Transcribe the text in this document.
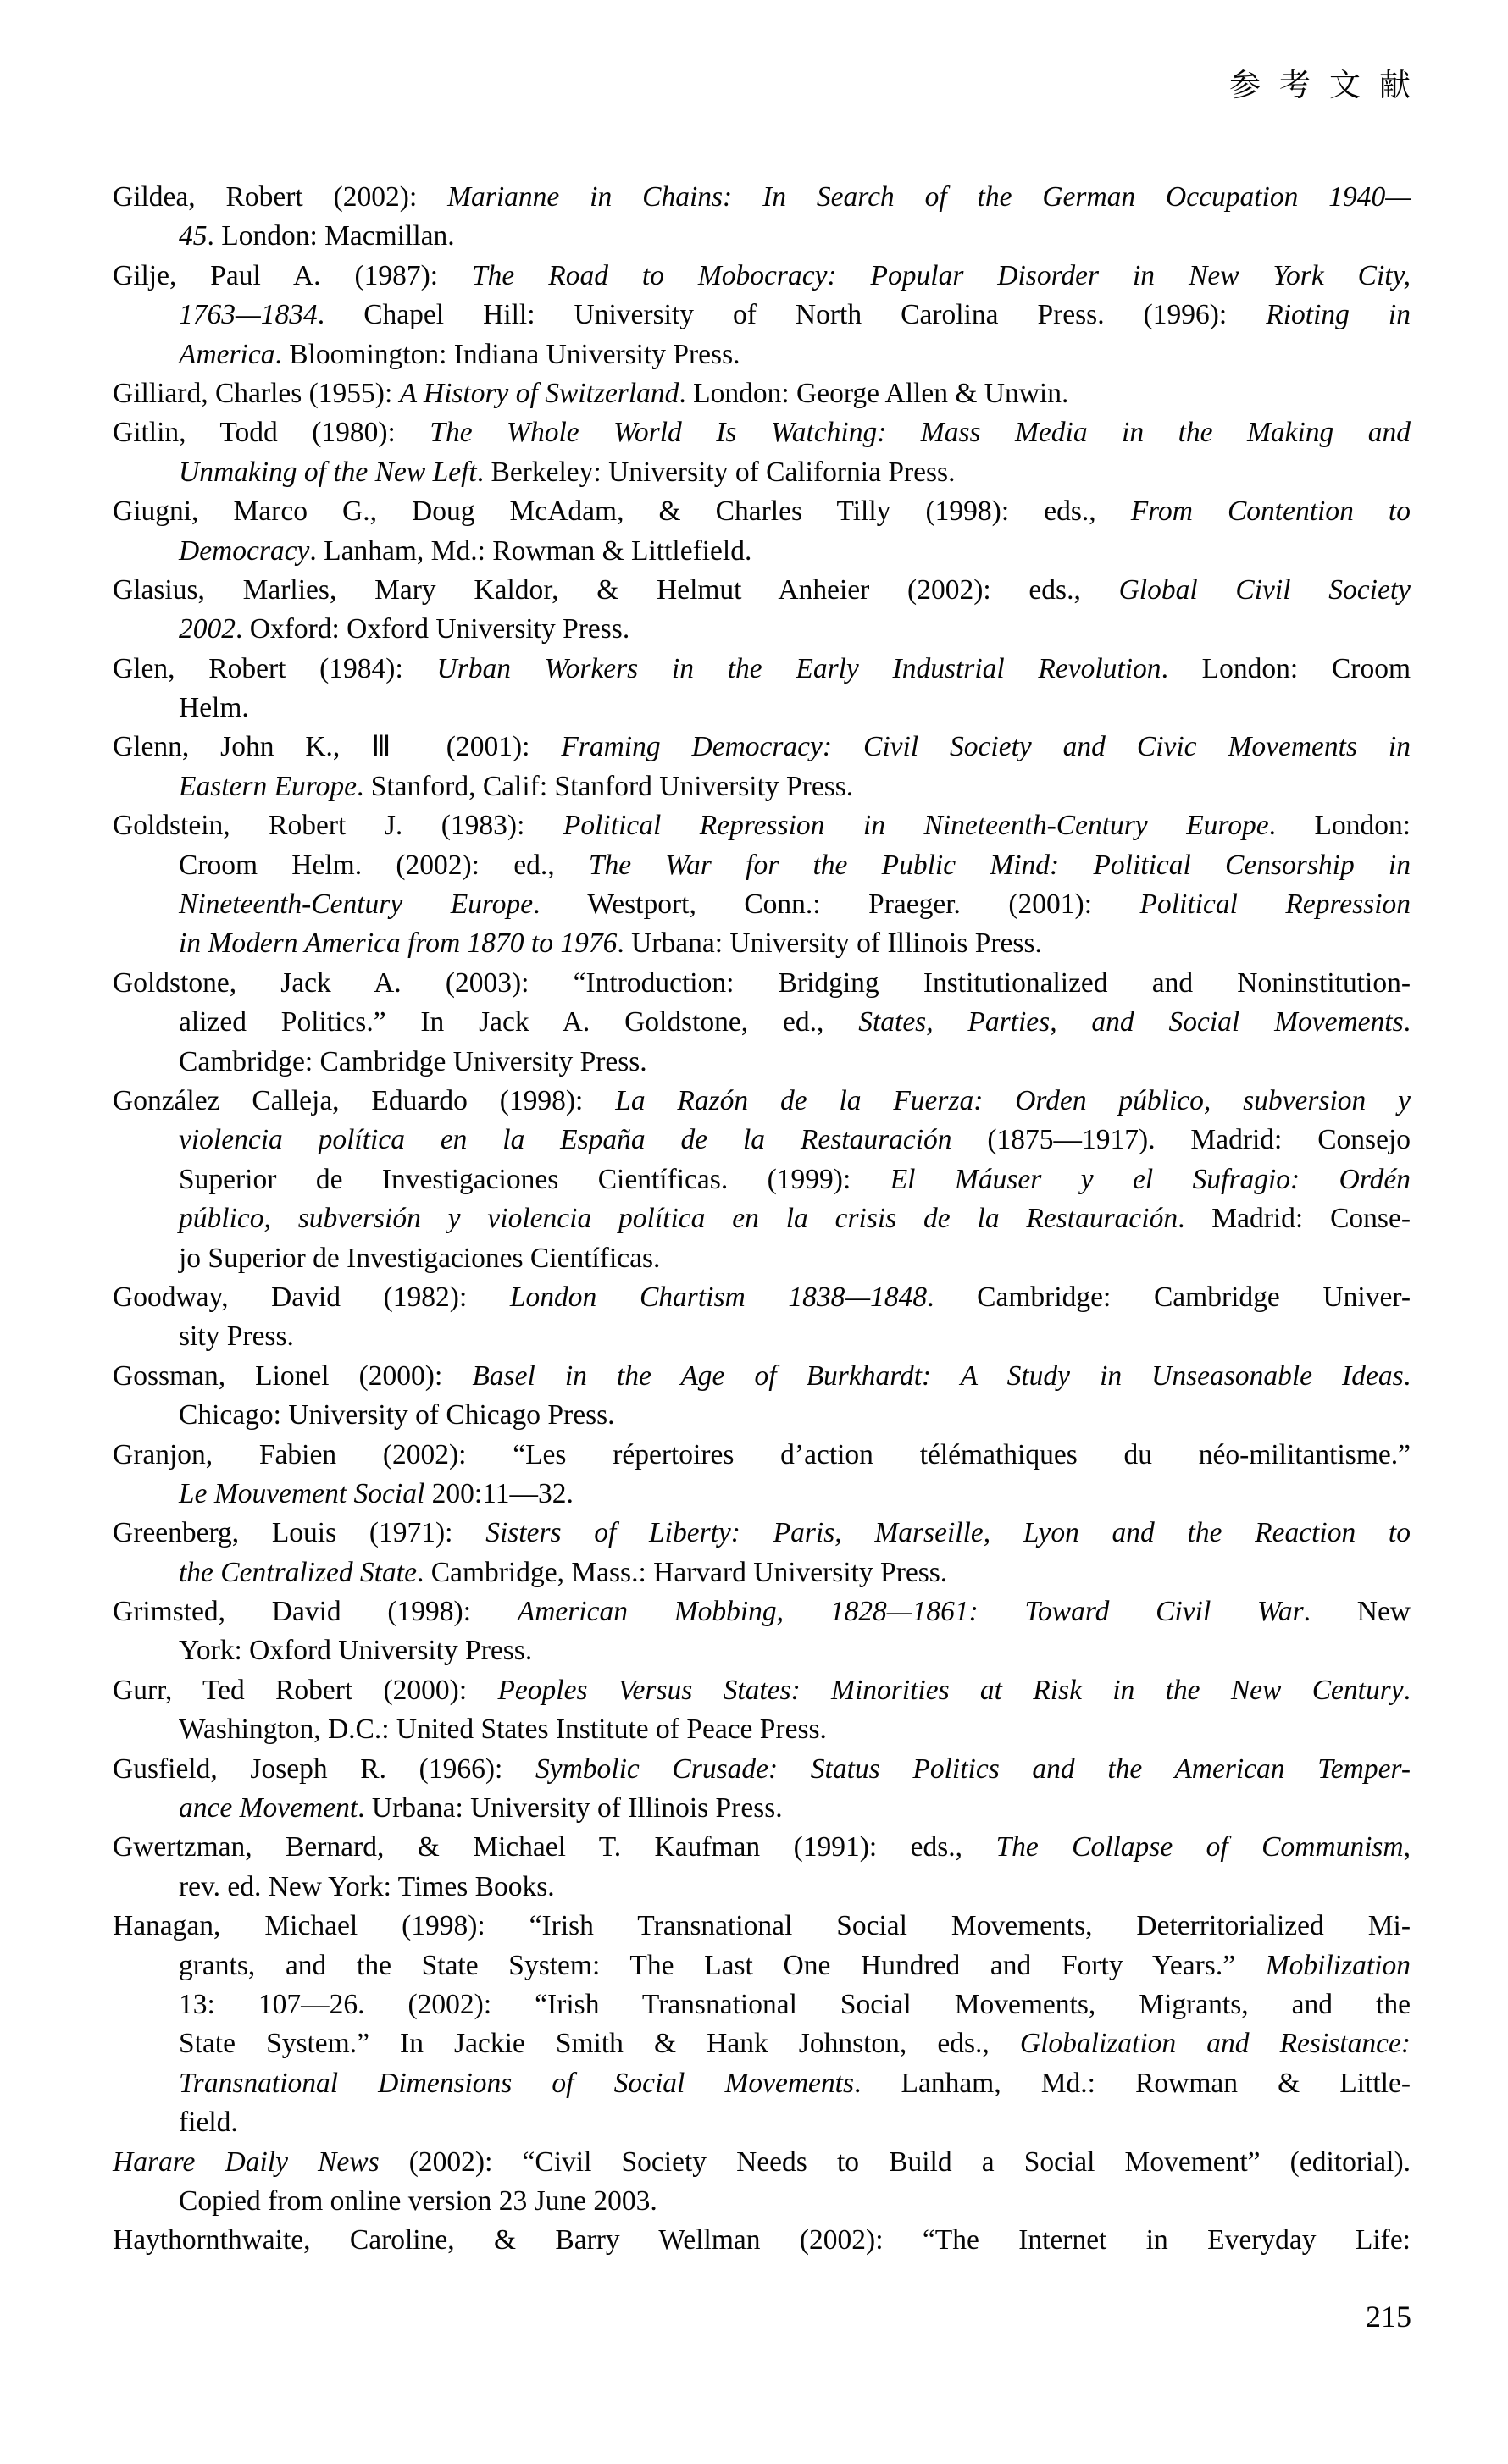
参考文献
Gildea, Robert (2002): Marianne in Chains: In Search of the German Occupation 1940—
45. London: Macmillan.
Gilje, Paul A. (1987): The Road to Mobocracy: Popular Disorder in New York City,
1763—1834. Chapel Hill: University of North Carolina Press. (1996): Rioting in
America. Bloomington: Indiana University Press.
Gilliard, Charles (1955): A History of Switzerland. London: George Allen & Unwin.
Gitlin, Todd (1980): The Whole World Is Watching: Mass Media in the Making and
Unmaking of the New Left. Berkeley: University of California Press.
Giugni, Marco G., Doug McAdam, & Charles Tilly (1998): eds., From Contention to
Democracy. Lanham, Md.: Rowman & Littlefield.
Glasius, Marlies, Mary Kaldor, & Helmut Anheier (2002): eds., Global Civil Society
2002. Oxford: Oxford University Press.
Glen, Robert (1984): Urban Workers in the Early Industrial Revolution. London: Croom
Helm.
Glenn, John K., Ⅲ (2001): Framing Democracy: Civil Society and Civic Movements in
Eastern Europe. Stanford, Calif: Stanford University Press.
Goldstein, Robert J. (1983): Political Repression in Nineteenth-Century Europe. London:
Croom Helm. (2002): ed., The War for the Public Mind: Political Censorship in
Nineteenth-Century Europe. Westport, Conn.: Praeger. (2001): Political Repression
in Modern America from 1870 to 1976. Urbana: University of Illinois Press.
Goldstone, Jack A. (2003): “Introduction: Bridging Institutionalized and Noninstitution-
alized Politics.” In Jack A. Goldstone, ed., States, Parties, and Social Movements.
Cambridge: Cambridge University Press.
González Calleja, Eduardo (1998): La Razón de la Fuerza: Orden público, subversion y
violencia política en la España de la Restauración (1875—1917). Madrid: Consejo
Superior de Investigaciones Científicas. (1999): El Máuser y el Sufragio: Ordén
público, subversión y violencia política en la crisis de la Restauración. Madrid: Conse-
jo Superior de Investigaciones Científicas.
Goodway, David (1982): London Chartism 1838—1848. Cambridge: Cambridge Univer-
sity Press.
Gossman, Lionel (2000): Basel in the Age of Burkhardt: A Study in Unseasonable Ideas.
Chicago: University of Chicago Press.
Granjon, Fabien (2002): “Les répertoires d’action télémathiques du néo-militantisme.”
Le Mouvement Social 200:11—32.
Greenberg, Louis (1971): Sisters of Liberty: Paris, Marseille, Lyon and the Reaction to
the Centralized State. Cambridge, Mass.: Harvard University Press.
Grimsted, David (1998): American Mobbing, 1828—1861: Toward Civil War. New
York: Oxford University Press.
Gurr, Ted Robert (2000): Peoples Versus States: Minorities at Risk in the New Century.
Washington, D.C.: United States Institute of Peace Press.
Gusfield, Joseph R. (1966): Symbolic Crusade: Status Politics and the American Temper-
ance Movement. Urbana: University of Illinois Press.
Gwertzman, Bernard, & Michael T. Kaufman (1991): eds., The Collapse of Communism,
rev. ed. New York: Times Books.
Hanagan, Michael (1998): “Irish Transnational Social Movements, Deterritorialized Mi-
grants, and the State System: The Last One Hundred and Forty Years.” Mobilization
13: 107—26. (2002): “Irish Transnational Social Movements, Migrants, and the
State System.” In Jackie Smith & Hank Johnston, eds., Globalization and Resistance:
Transnational Dimensions of Social Movements. Lanham, Md.: Rowman & Little-
field.
Harare Daily News (2002): “Civil Society Needs to Build a Social Movement” (editorial).
Copied from online version 23 June 2003.
Haythornthwaite, Caroline, & Barry Wellman (2002): “The Internet in Everyday Life:
215
